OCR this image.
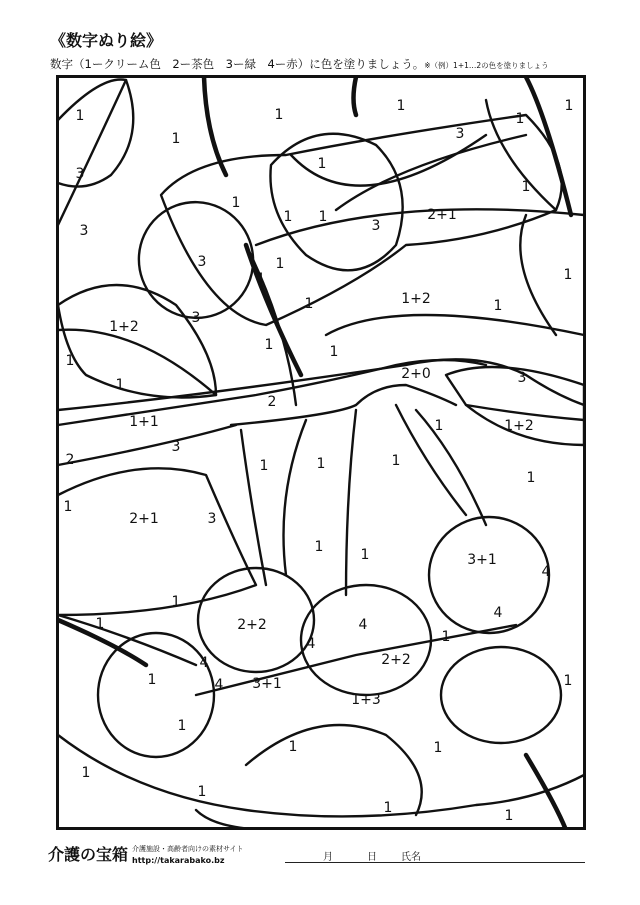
《数字ぬり絵》
数字（1ークリーム色　2ー茶色　3ー緑　4ー赤）に色を塗りましょう。※（例）1+1…2の色を塗りましょう
1
1
1
1	1
3
1
3
1
1
1
3
2+1
1
3
3
1
1
1
1+2
1
1+2
3
1	1
2+0	3
1
1+1
2
1
1+2
3
1
1
1
2	1
2+1	3
1	1
1
1
3+1
4
1	1
2+2	4
4
4
1
2+2
1
4
4 3+1
1+3
1
1
1
1
1	1
1
1
1	1
介護の宝箱 介護施設・高齢者向けの素材サイト
http://takarabako.bz	月	日 氏名
